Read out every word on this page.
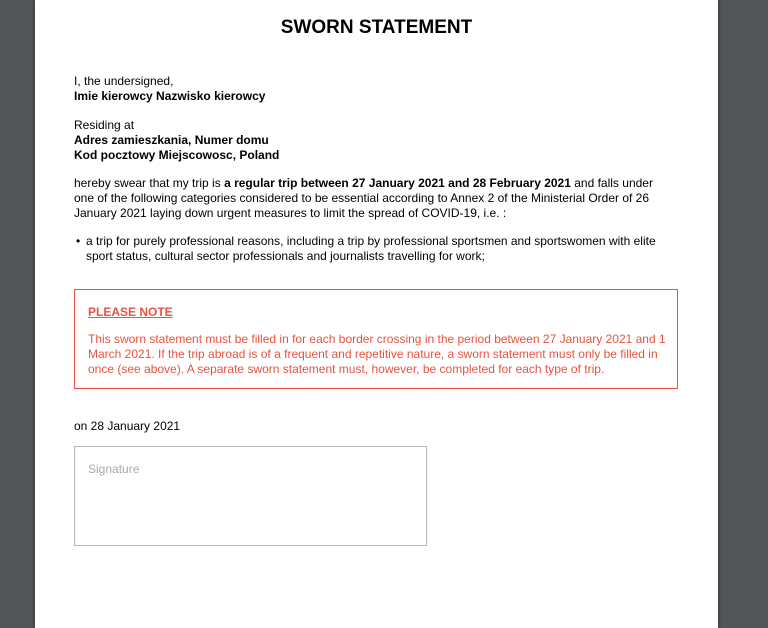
SWORN STATEMENT
I, the undersigned,
Imie kierowcy Nazwisko kierowcy
Residing at
Adres zamieszkania, Numer domu
Kod pocztowy Miejscowosc, Poland
hereby swear that my trip is a regular trip between 27 January 2021 and 28 February 2021 and falls under one of the following categories considered to be essential according to Annex 2 of the Ministerial Order of 26 January 2021 laying down urgent measures to limit the spread of COVID-19, i.e. :
• a trip for purely professional reasons, including a trip by professional sportsmen and sportswomen with elite sport status, cultural sector professionals and journalists travelling for work;

PLEASE NOTE

This sworn statement must be filled in for each border crossing in the period between 27 January 2021 and 1 March 2021. If the trip abroad is of a frequent and repetitive nature, a sworn statement must only be filled in once (see above). A separate sworn statement must, however, be completed for each type of trip.

on 28 January 2021
Signature
